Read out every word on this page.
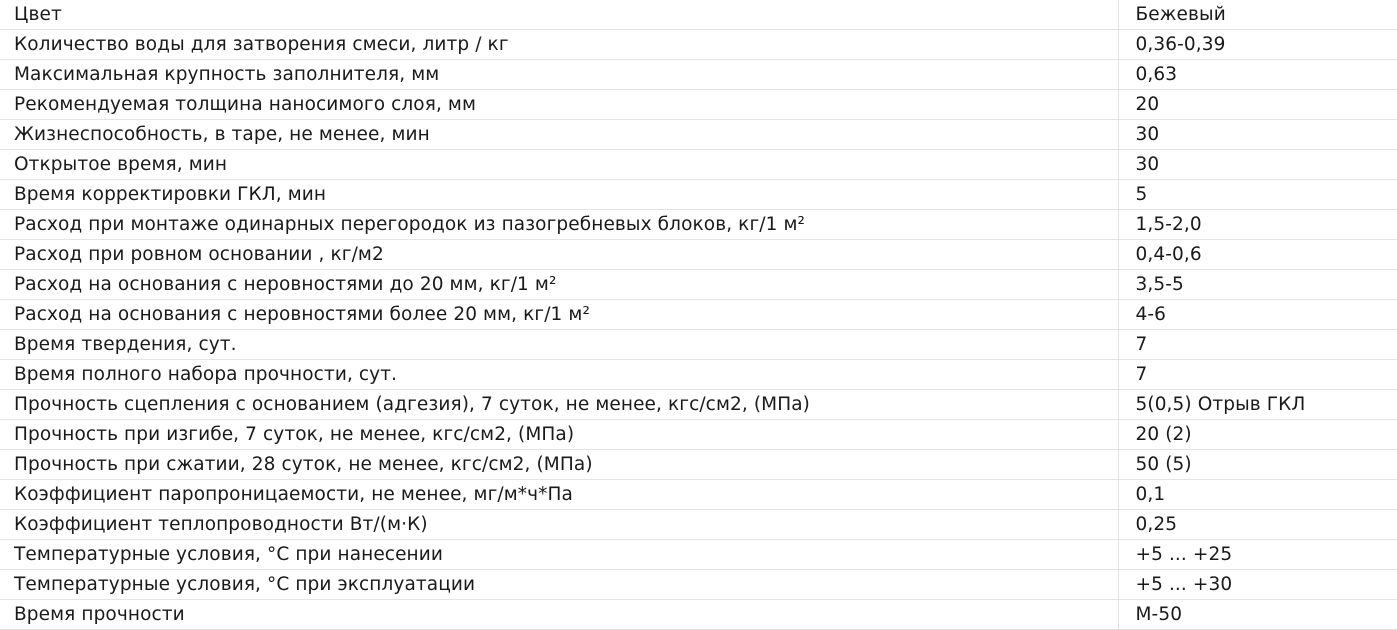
Цвет	Бежевый
Количество воды для затворения смеси, литр / кг	0,36-0,39
Максимальная крупность заполнителя, мм	0,63
Рекомендуемая толщина наносимого слоя, мм	20
Жизнеспособность, в таре, не менее, мин	30
Открытое время, мин	30
Время корректировки ГКЛ, мин	5
Расход при монтаже одинарных перегородок из пазогребневых блоков, кг/1 м²	1,5-2,0
Расход при ровном основании , кг/м2	0,4-0,6
Расход на основания с неровностями до 20 мм, кг/1 м²	3,5-5
Расход на основания с неровностями более 20 мм, кг/1 м²	4-6
Время твердения, сут.	7
Время полного набора прочности, сут.	7
Прочность сцепления с основанием (адгезия), 7 суток, не менее, кгс/см2, (МПа)	5(0,5) Отрыв ГКЛ
Прочность при изгибе, 7 суток, не менее, кгс/см2, (МПа)	20 (2)
Прочность при сжатии, 28 суток, не менее, кгс/см2, (МПа)	50 (5)
Коэффициент паропроницаемости, не менее, мг/м*ч*Па	0,1
Коэффициент теплопроводности Вт/(м·К)	0,25
Температурные условия, °С при нанесении	+5 ... +25
Температурные условия, °С при эксплуатации	+5 ... +30
Время прочности	М-50
